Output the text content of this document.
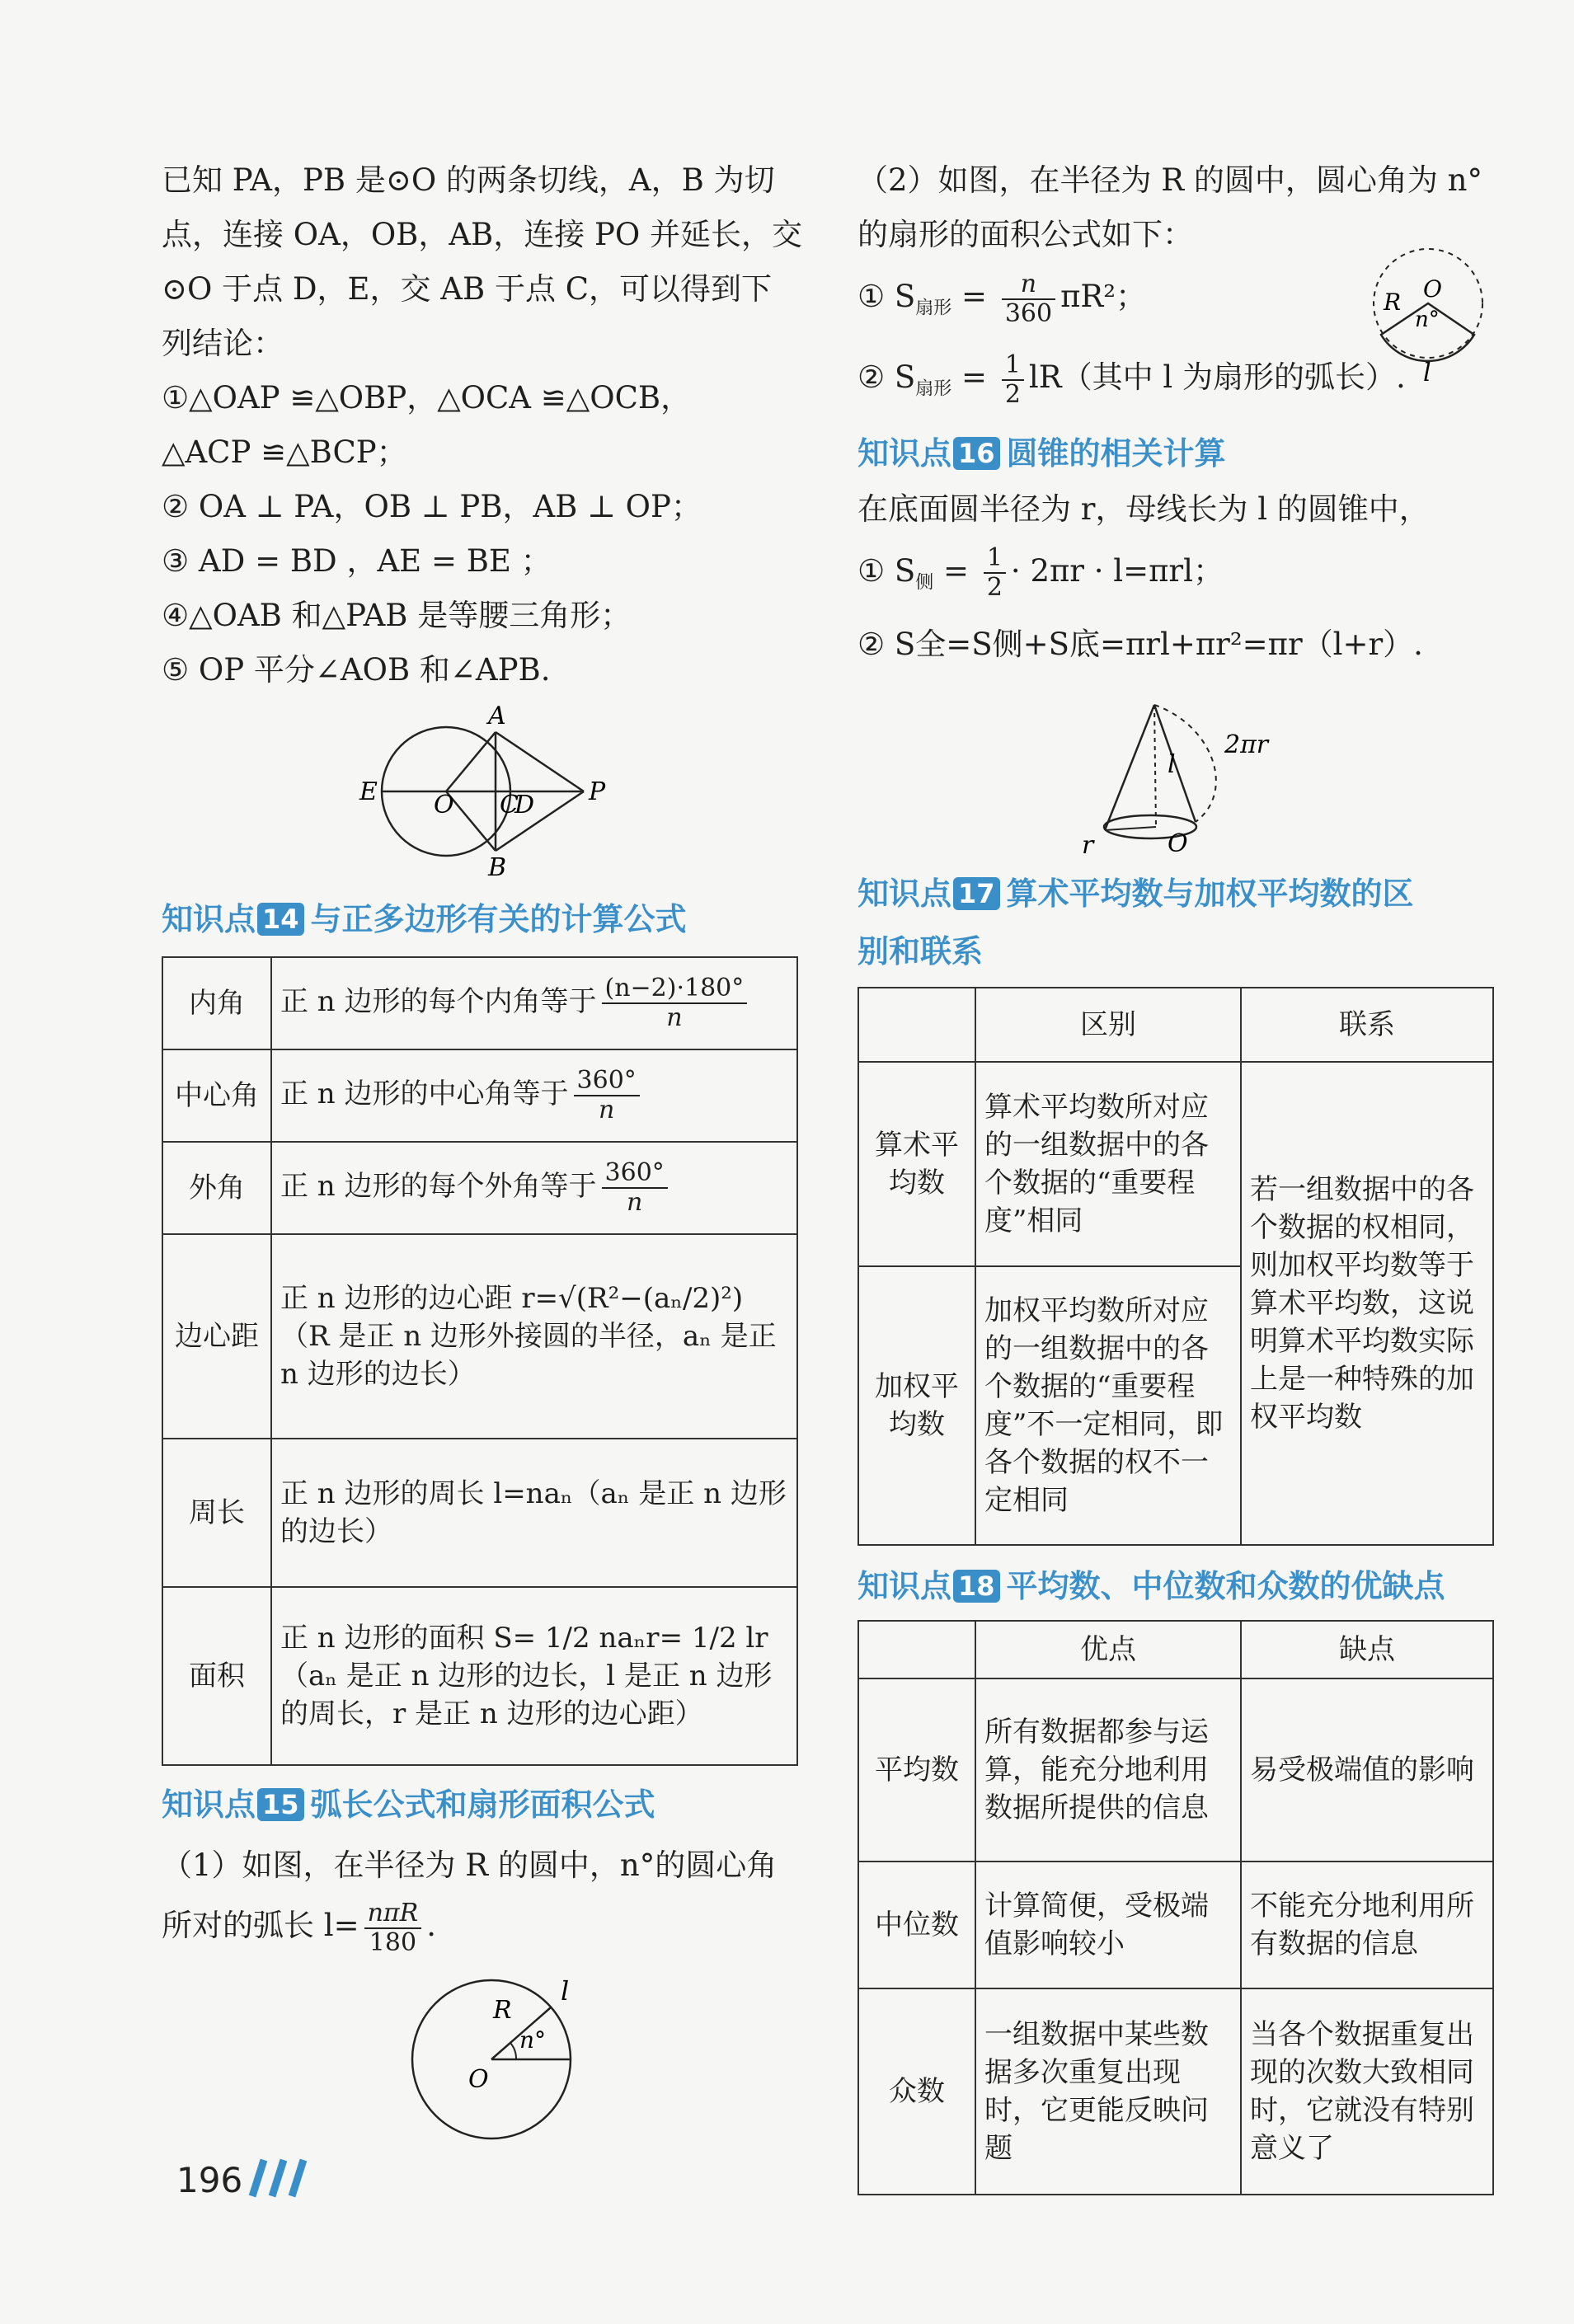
已知 PA，PB 是⊙O 的两条切线，A，B 为切

点，连接 OA，OB，AB，连接 PO 并延长，交

⊙O 于点 D，E，交 AB 于点 C，可以得到下

列结论：

①△OAP ≌△OBP，△OCA ≌△OCB，

△ACP ≌△BCP；

② OA ⊥ PA，OB ⊥ PB，AB ⊥ OP；

③ AD = BD ，AE = BE ；

④△OAB 和△PAB 是等腰三角形；

⑤ OP 平分∠AOB 和∠APB.

A
B
E O C
D P
知识点 14 与正多边形有关的计算公式
内角	正 n 边形的每个内角等于 $\frac{(n-2)\cdot 180^\circ}{n}$

中心角	正 n 边形的中心角等于 $\frac{360^\circ}{n}$

外角	正 n 边形的每个外角等于 $\frac{360^\circ}{n}$

边心距	正 n 边形的边心距 r=√(R²−(aₙ/2)²)（R 是正 n 边形外接圆的半径，aₙ 是正 n 边形的边长）
周长	正 n 边形的周长 l=naₙ（aₙ 是正 n 边形的边长）
面积	正 n 边形的面积 S= 1/2 naₙr= 1/2 lr（aₙ 是正 n 边形的边长，l 是正 n 边形的周长，r 是正 n 边形的边心距）
知识点 15 弧长公式和扇形面积公式

（1）如图，在半径为 R 的圆中，n°的圆心角

所对的弧长 $l= \frac{\text{nπR}}{180}$ .

R
l
n°
O

（2）如图，在半径为 R 的圆中，圆心角为 n°

的扇形的面积公式如下：

① $S_{扇形} = \frac{n}{360} \pi R^2$；

② $S_{扇形} = \frac{1}{2} lR$（其中 l 为扇形的弧长）.

R O
n°
l
知识点 16 圆锥的相关计算

在底面圆半径为 r，母线长为 l 的圆锥中，

① $S_侧 = \frac{1}{2} \cdot 2\pi r \cdot l=\pi rl$；

② S全=S侧+S底=πrl+πr²=πr（l+r）.

l
2πr
r	O
知识点 17 算术平均数与加权平均数的区
别和联系
	区别	联系
算术平均数	算术平均数所对应的一组数据中的各个数据的“重要程度”相同	若一组数据中的各个数据的权相同，则加权平均数等于算术平均数，这说明算术平均数实际上是一种特殊的加权平均数
加权平均数	加权平均数所对应的一组数据中的各个数据的“重要程度”不一定相同，即各个数据的权不一定相同	
知识点 18 平均数、中位数和众数的优缺点
	优点	缺点
平均数	所有数据都参与运算，能充分地利用数据所提供的信息	易受极端值的影响
中位数	计算简便，受极端值影响较小	不能充分地利用所有数据的信息
众数	一组数据中某些数据多次重复出现时，它更能反映问题	当各个数据重复出现的次数大致相同时，它就没有特别意义了
196
